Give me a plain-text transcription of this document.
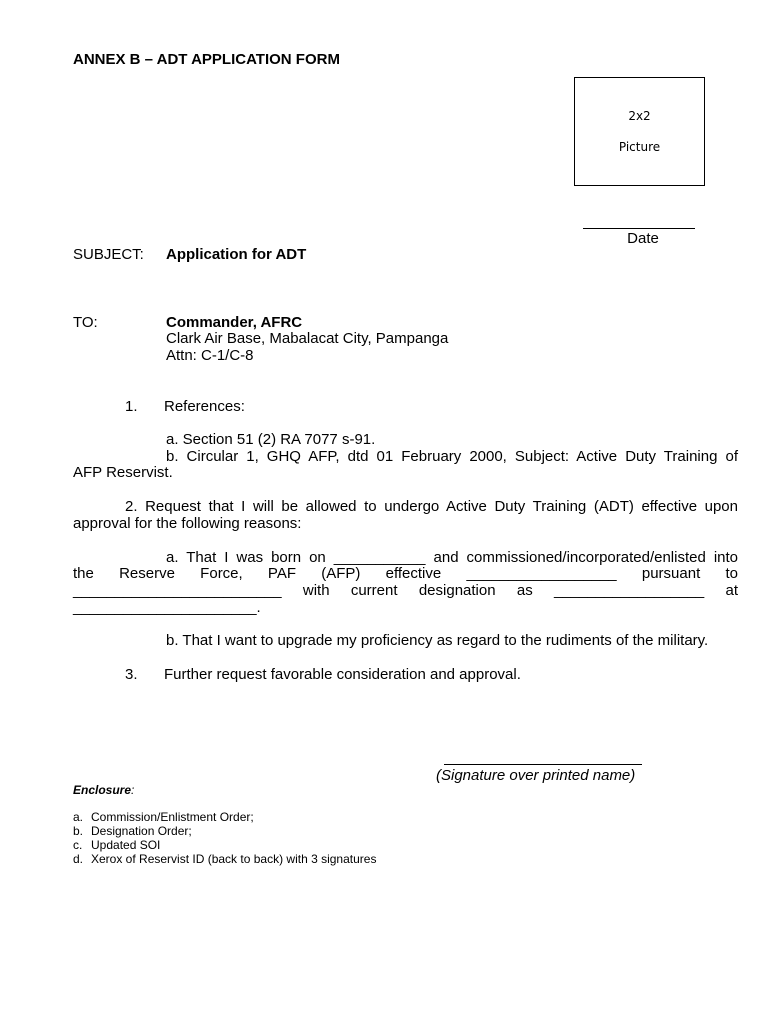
ANNEX B – ADT APPLICATION FORM
2x2
Picture
Date
SUBJECT: Application for ADT
TO:	Commander, AFRC
Clark Air Base, Mabalacat City, Pampanga
Attn: C-1/C-8
1. References:
a. Section 51 (2) RA 7077 s-91.
b. Circular 1, GHQ AFP, dtd 01 February 2000, Subject: Active Duty Training of
AFP Reservist.
2. Request that I will be allowed to undergo Active Duty Training (ADT) effective upon
approval for the following reasons:
a. That I was born on ___________ and commissioned/incorporated/enlisted into
the Reserve Force, PAF (AFP) effective __________________ pursuant to
_________________________ with current designation as __________________ at
______________________.
b. That I want to upgrade my proficiency as regard to the rudiments of the military.
3. Further request favorable consideration and approval.
(Signature over printed name)
Enclosure:
a. Commission/Enlistment Order;
b. Designation Order;
c. Updated SOI
d. Xerox of Reservist ID (back to back) with 3 signatures
